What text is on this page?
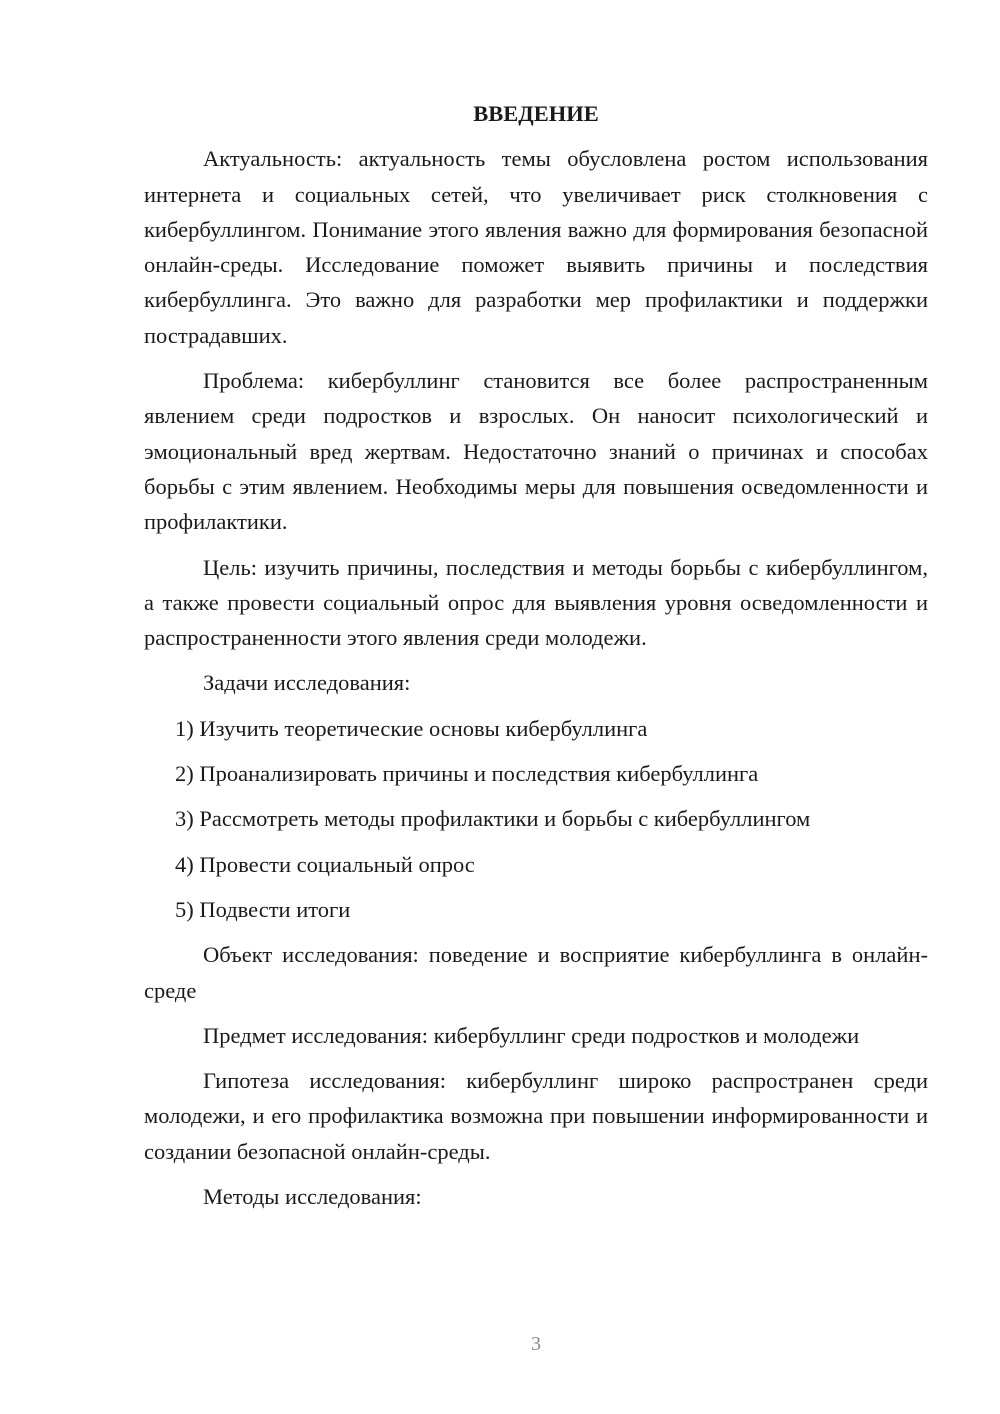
ВВЕДЕНИЕ

Актуальность: актуальность темы обусловлена ростом использования интернета и социальных сетей, что увеличивает риск столкновения с кибербуллингом. Понимание этого явления важно для формирования безопасной онлайн-среды. Исследование поможет выявить причины и последствия кибербуллинга. Это важно для разработки мер профилактики и поддержки пострадавших.

Проблема: кибербуллинг становится все более распространенным явлением среди подростков и взрослых. Он наносит психологический и эмоциональный вред жертвам. Недостаточно знаний о причинах и способах борьбы с этим явлением. Необходимы меры для повышения осведомленности и профилактики.

Цель: изучить причины, последствия и методы борьбы с кибербуллингом, а также провести социальный опрос для выявления уровня осведомленности и распространенности этого явления среди молодежи.

Задачи исследования:

1) Изучить теоретические основы кибербуллинга
2) Проанализировать причины и последствия кибербуллинга
3) Рассмотреть методы профилактики и борьбы с кибербуллингом
4) Провести социальный опрос
5) Подвести итоги

Объект исследования: поведение и восприятие кибербуллинга в онлайн-среде

Предмет исследования: кибербуллинг среди подростков и молодежи

Гипотеза исследования: кибербуллинг широко распространен среди молодежи, и его профилактика возможна при повышении информированности и создании безопасной онлайн-среды.

Методы исследования:

3
